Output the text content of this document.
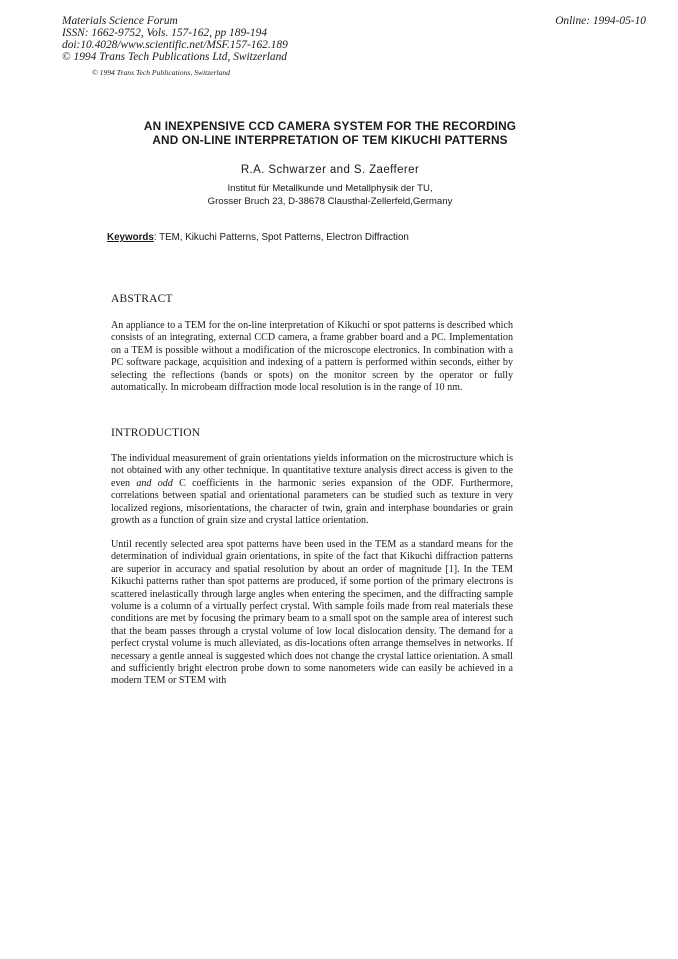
Materials Science Forum
ISSN: 1662-9752, Vols. 157-162, pp 189-194
doi:10.4028/www.scientific.net/MSF.157-162.189
© 1994 Trans Tech Publications Ltd, Switzerland
Online: 1994-05-10
© 1994 Trans Tech Publications, Switzerland
AN INEXPENSIVE CCD CAMERA SYSTEM FOR THE RECORDING
AND ON-LINE INTERPRETATION OF TEM KIKUCHI PATTERNS
R.A. Schwarzer and S. Zaefferer
Institut für Metallkunde und Metallphysik der TU,
Grosser Bruch 23, D-38678 Clausthal-Zellerfeld,Germany
Keywords: TEM, Kikuchi Patterns, Spot Patterns, Electron Diffraction
ABSTRACT
An appliance to a TEM for the on-line interpretation of Kikuchi or spot patterns is described which consists of an integrating, external CCD camera, a frame grabber board and a PC. Implementation on a TEM is possible without a modification of the microscope electronics. In combination with a PC software package, acquisition and indexing of a pattern is performed within seconds, either by selecting the reflections (bands or spots) on the monitor screen by the operator or fully automatically. In microbeam diffraction mode local resolution is in the range of 10 nm.
INTRODUCTION
The individual measurement of grain orientations yields information on the microstructure which is not obtained with any other technique. In quantitative texture analysis direct access is given to the even and odd C coefficients in the harmonic series expansion of the ODF. Furthermore, correlations between spatial and orientational parameters can be studied such as texture in very localized regions, misorientations, the character of twin, grain and interphase boundaries or grain growth as a function of grain size and crystal lattice orientation.
Until recently selected area spot patterns have been used in the TEM as a standard means for the determination of individual grain orientations, in spite of the fact that Kikuchi diffraction patterns are superior in accuracy and spatial resolution by about an order of magnitude [1]. In the TEM Kikuchi patterns rather than spot patterns are produced, if some portion of the primary electrons is scattered inelastically through large angles when entering the specimen, and the diffracting sample volume is a column of a virtually perfect crystal. With sample foils made from real materials these conditions are met by focusing the primary beam to a small spot on the sample area of interest such that the beam passes through a crystal volume of low local dislocation density. The demand for a perfect crystal volume is much alleviated, as dis-locations often arrange themselves in networks. If necessary a gentle anneal is suggested which does not change the crystal lattice orientation. A small and sufficiently bright electron probe down to some nanometers wide can easily be achieved in a modern TEM or STEM with
